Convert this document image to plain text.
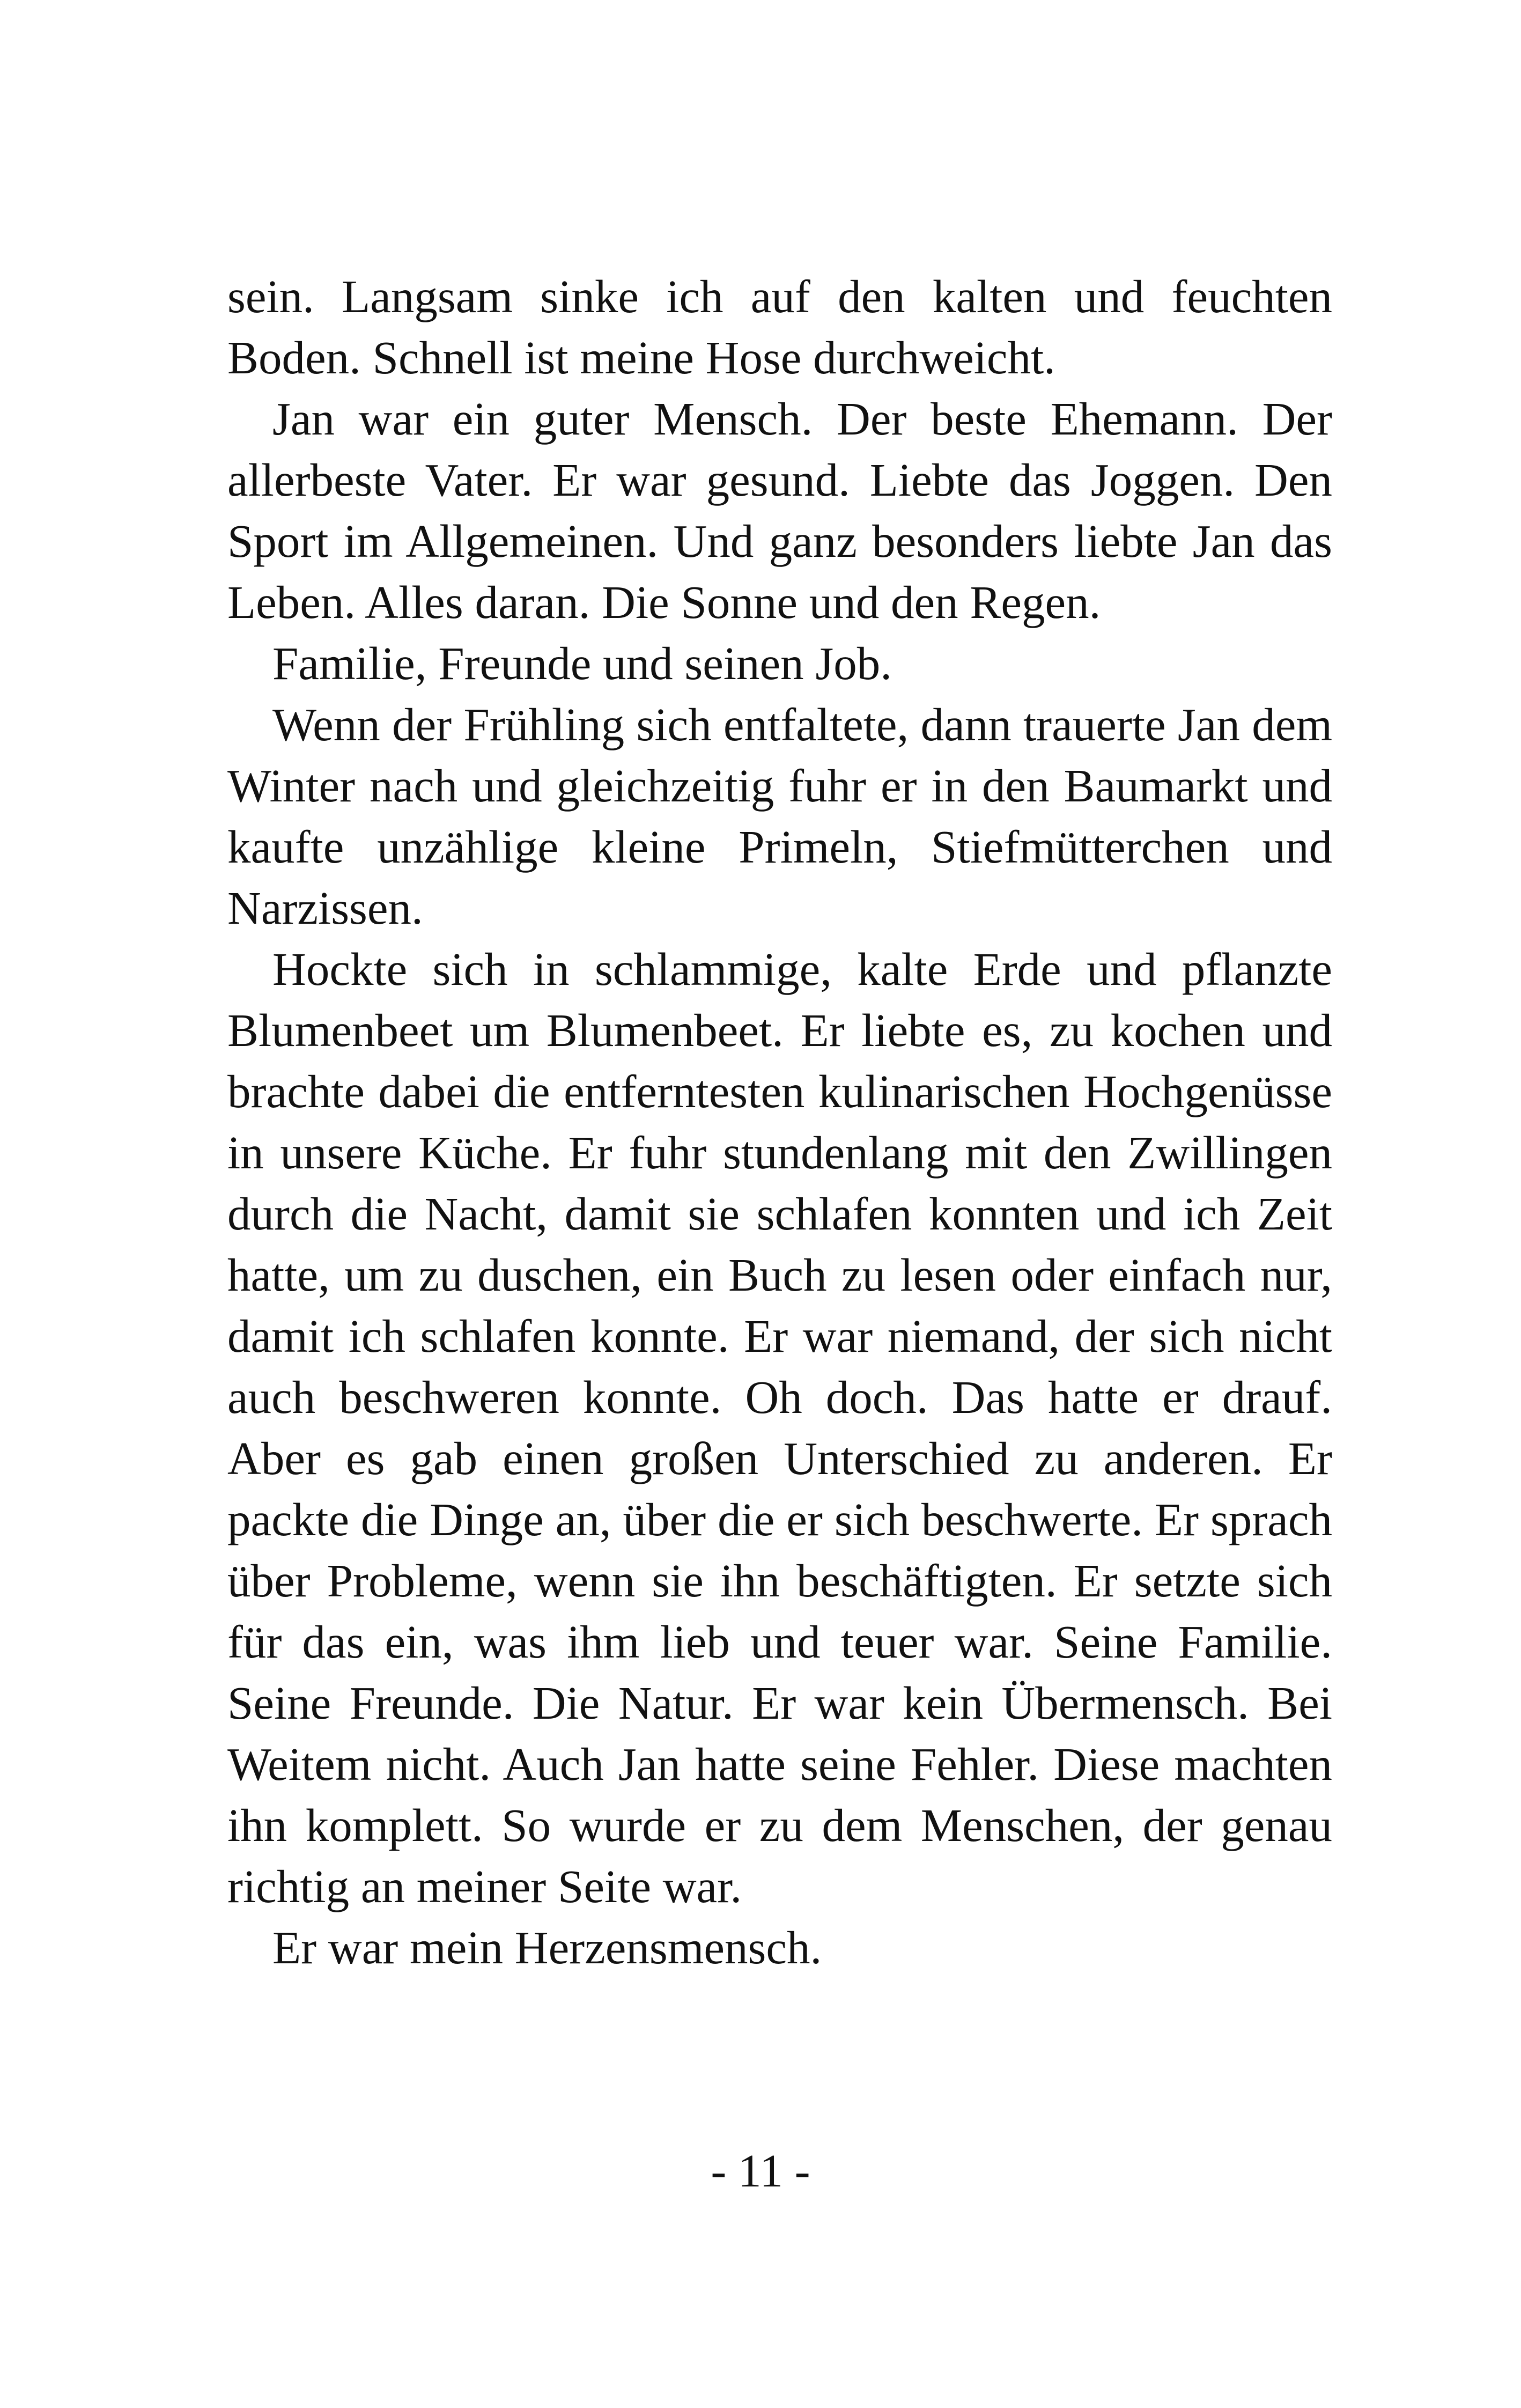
sein. Langsam sinke ich auf den kalten und feuchten Boden. Schnell ist meine Hose durchweicht.

Jan war ein guter Mensch. Der beste Ehemann. Der allerbeste Vater. Er war gesund. Liebte das Joggen. Den Sport im Allgemeinen. Und ganz besonders liebte Jan das Leben. Alles daran. Die Sonne und den Regen.

Familie, Freunde und seinen Job.

Wenn der Frühling sich entfaltete, dann trauerte Jan dem Winter nach und gleichzeitig fuhr er in den Baumarkt und kaufte unzählige kleine Primeln, Stiefmütterchen und Narzissen.

Hockte sich in schlammige, kalte Erde und pflanzte Blumenbeet um Blumenbeet. Er liebte es, zu kochen und brachte dabei die entferntesten kulinarischen Hochgenüsse in unsere Küche. Er fuhr stundenlang mit den Zwillingen durch die Nacht, damit sie schlafen konnten und ich Zeit hatte, um zu duschen, ein Buch zu lesen oder einfach nur, damit ich schlafen konnte. Er war niemand, der sich nicht auch beschweren konnte. Oh doch. Das hatte er drauf. Aber es gab einen großen Unterschied zu anderen. Er packte die Dinge an, über die er sich beschwerte. Er sprach über Probleme, wenn sie ihn beschäftigten. Er setzte sich für das ein, was ihm lieb und teuer war. Seine Familie. Seine Freunde. Die Natur. Er war kein Übermensch. Bei Weitem nicht. Auch Jan hatte seine Fehler. Diese machten ihn komplett. So wurde er zu dem Menschen, der genau richtig an meiner Seite war.

Er war mein Herzensmensch.

- 11 -
